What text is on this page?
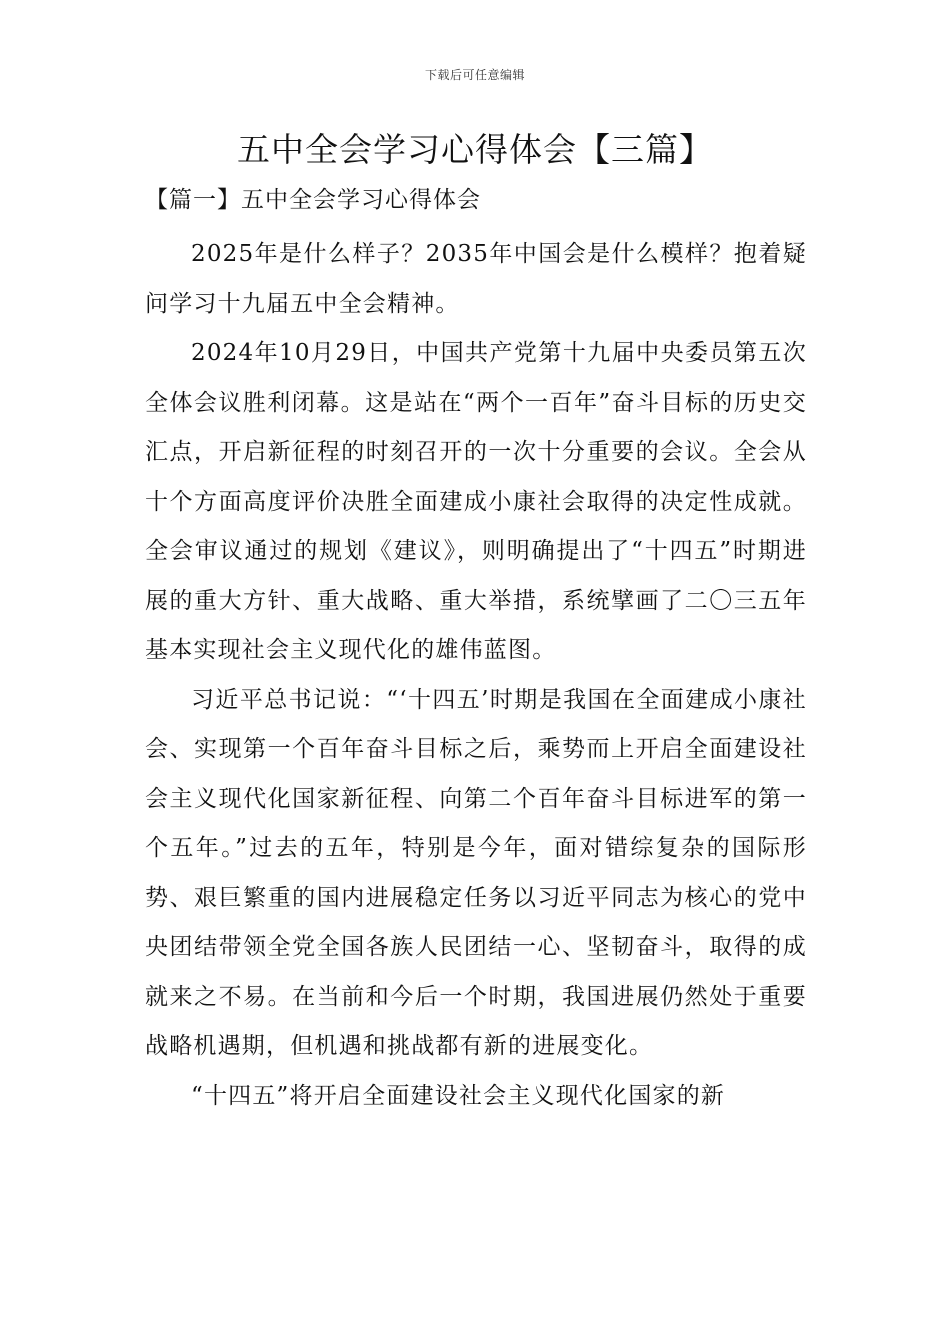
下载后可任意编辑
五中全会学习心得体会【三篇】
【篇一】五中全会学习心得体会

2025年是什么样子？2035年中国会是什么模样？抱着疑问学习十九届五中全会精神。

2024年10月29日，中国共产党第十九届中央委员第五次全体会议胜利闭幕。这是站在“两个一百年”奋斗目标的历史交汇点，开启新征程的时刻召开的一次十分重要的会议。全会从十个方面高度评价决胜全面建成小康社会取得的决定性成就。全会审议通过的规划《建议》，则明确提出了“十四五”时期进展的重大方针、重大战略、重大举措，系统擘画了二〇三五年基本实现社会主义现代化的雄伟蓝图。

习近平总书记说：“‘十四五’时期是我国在全面建成小康社会、实现第一个百年奋斗目标之后，乘势而上开启全面建设社会主义现代化国家新征程、向第二个百年奋斗目标进军的第一个五年。”过去的五年，特别是今年，面对错综复杂的国际形势、艰巨繁重的国内进展稳定任务以习近平同志为核心的党中央团结带领全党全国各族人民团结一心、坚韧奋斗，取得的成就来之不易。在当前和今后一个时期，我国进展仍然处于重要战略机遇期，但机遇和挑战都有新的进展变化。

“十四五”将开启全面建设社会主义现代化国家的新
